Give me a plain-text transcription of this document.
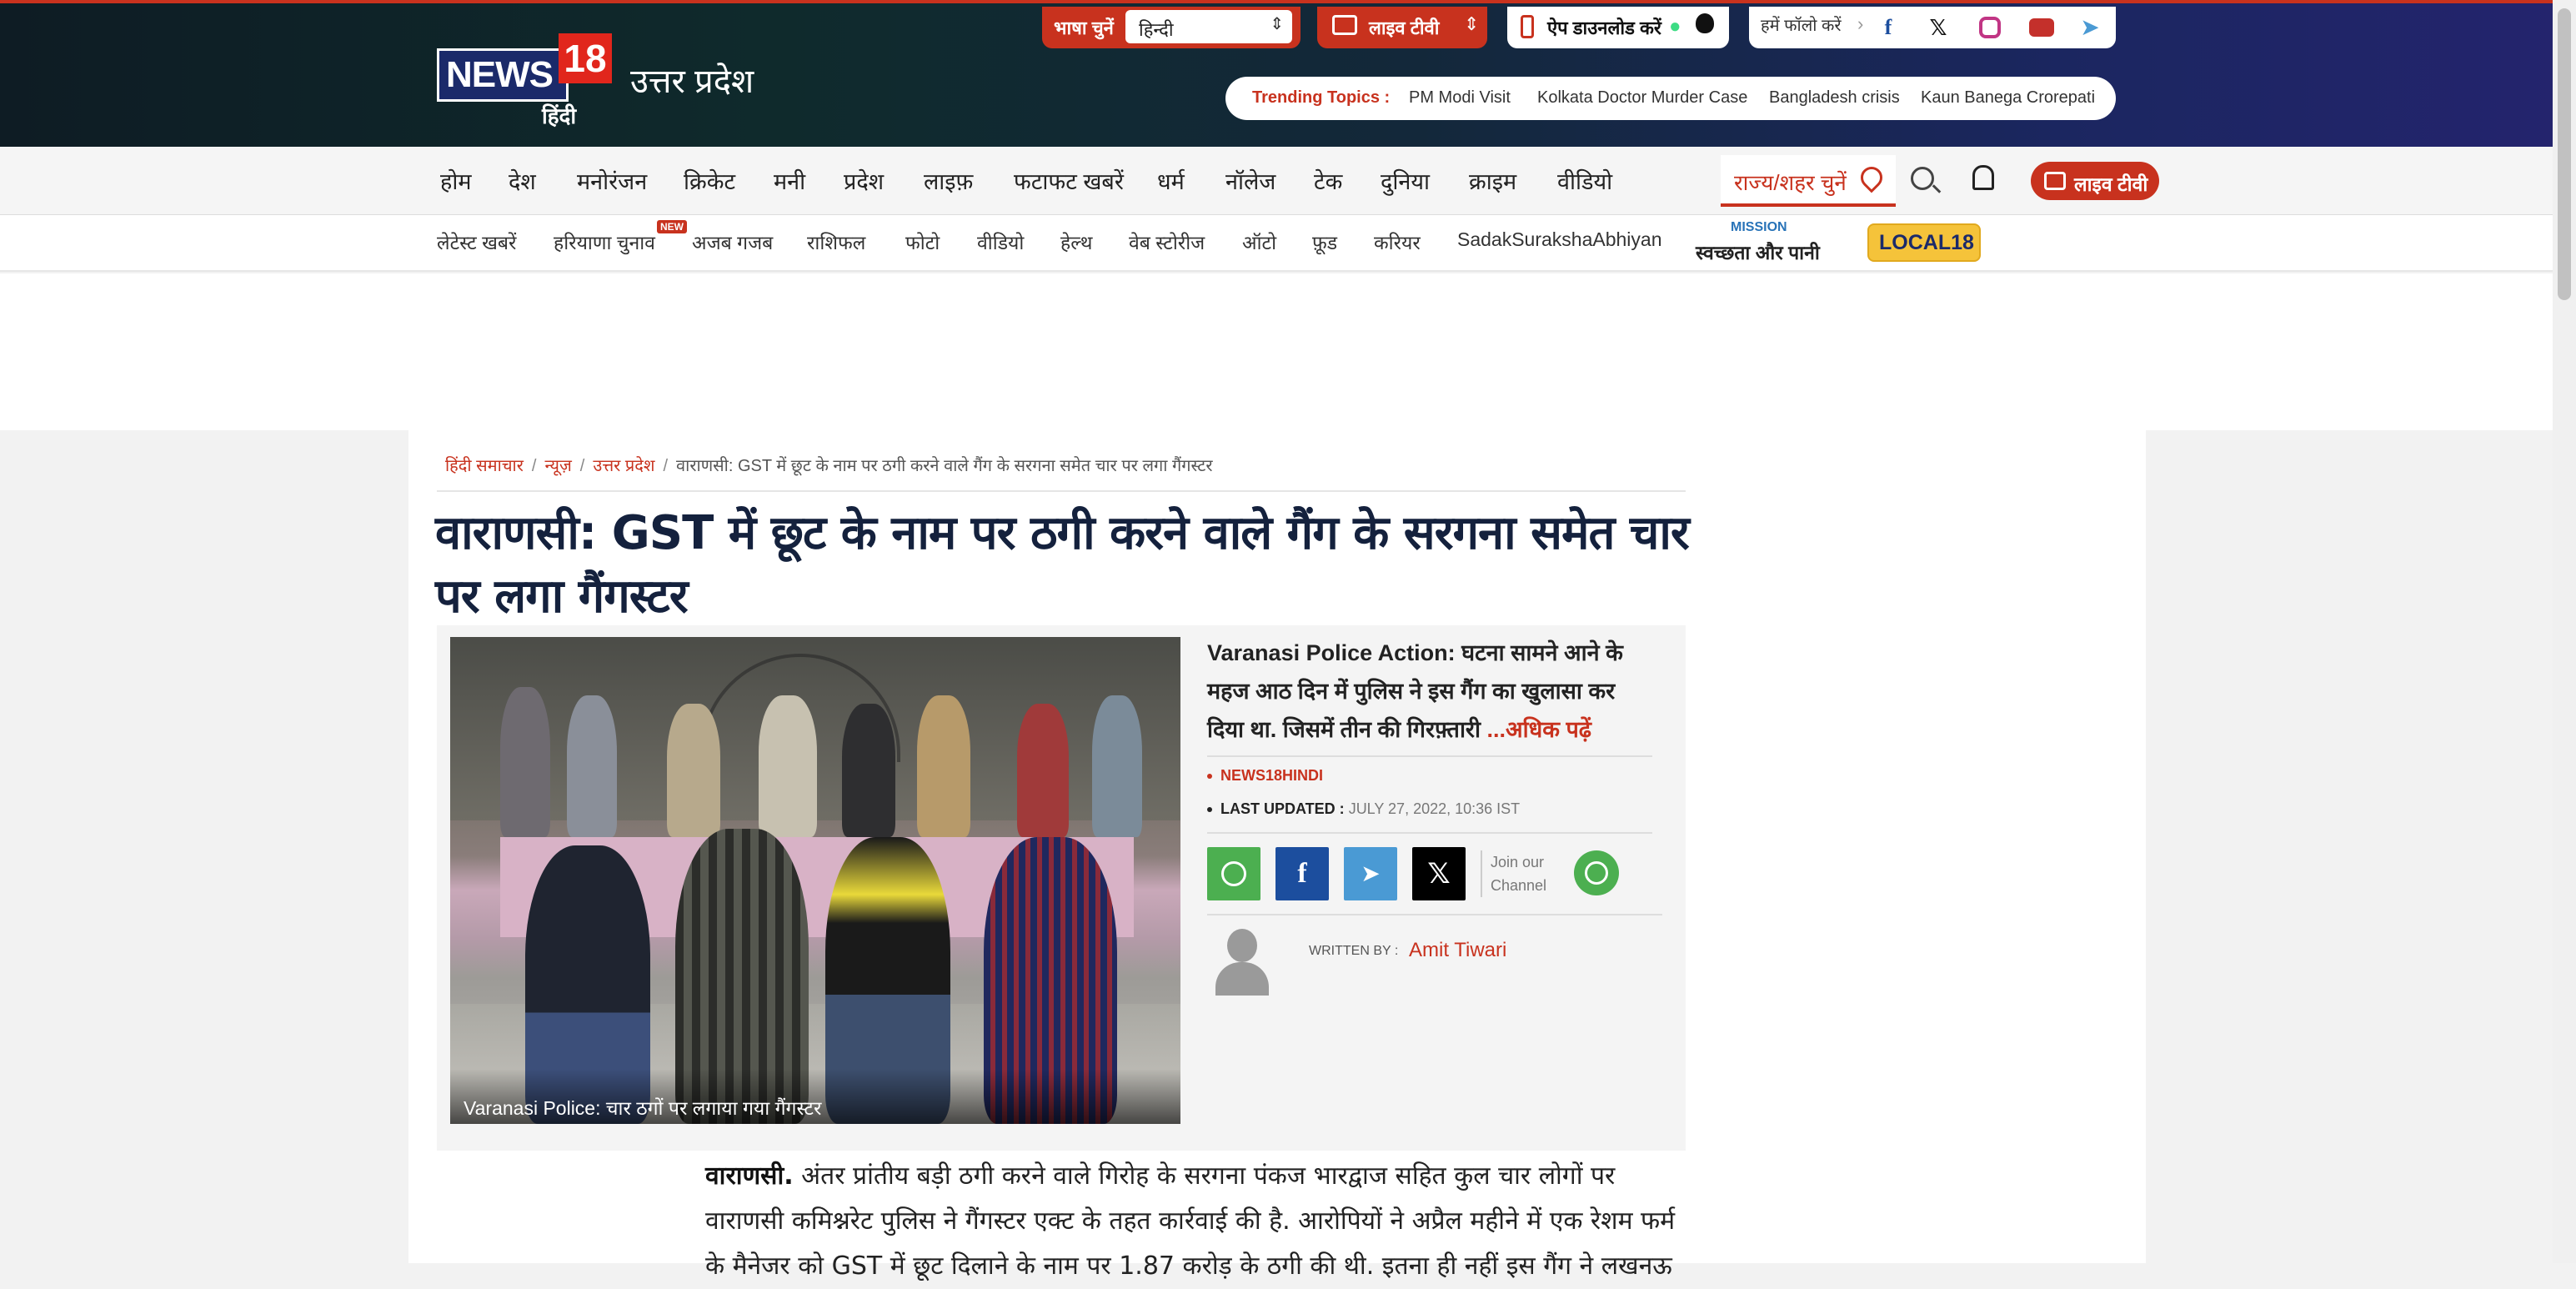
NEWS 18
हिंदी
उत्तर प्रदेश
भाषा चुनें हिन्दी	⇕	लाइव टीवी ⇕	ऐप डाउनलोड करें ●	हमें फॉलो करें › f	𝕏	➤
Trending Topics : PM Modi Visit Kolkata Doctor Murder Case Bangladesh crisis Kaun Banega Crorepati
होम देश मनोरंजन क्रिकेट मनी प्रदेश लाइफ़ फटाफट खबरें धर्म नॉलेज टेक दुनिया क्राइम वीडियो	राज्य/शहर चुनें	लाइव टीवी
लेटेस्ट खबरें हरियाणा चुनाव
NEW
अजब गजब राशिफल फोटो वीडियो हेल्थ वेब स्टोरीज ऑटो फ़ूड करियर SadakSurakshaAbhiyan
MISSION
स्वच्छता और पानी	LOCAL18
हिंदी समाचार / न्यूज़ / उत्तर प्रदेश / वाराणसी: GST में छूट के नाम पर ठगी करने वाले गैंग के सरगना समेत चार पर लगा गैंगस्टर
वाराणसी: GST में छूट के नाम पर ठगी करने वाले गैंग के सरगना समेत चार पर लगा गैंगस्टर
Varanasi Police: चार ठगों पर लगाया गया गैंगस्टर

Varanasi Police Action: घटना सामने आने के महज आठ दिन में पुलिस ने इस गैंग का खुलासा कर दिया था. जिसमें तीन की गिरफ़्तारी ...अधिक पढ़ें

NEWS18HINDI
LAST UPDATED : JULY 27, 2022, 10:36 IST
f	➤	𝕏	Join our
Channel
WRITTEN BY : Amit Tiwari
वाराणसी. अंतर प्रांतीय बड़ी ठगी करने वाले गिरोह के सरगना पंकज भारद्वाज सहित कुल चार लोगों पर
वाराणसी कमिश्नरेट पुलिस ने गैंगस्टर एक्ट के तहत कार्रवाई की है. आरोपियों ने अप्रैल महीने में एक रेशम फर्म
के मैनेजर को GST में छूट दिलाने के नाम पर 1.87 करोड़ के ठगी की थी. इतना ही नहीं इस गैंग ने लखनऊ
